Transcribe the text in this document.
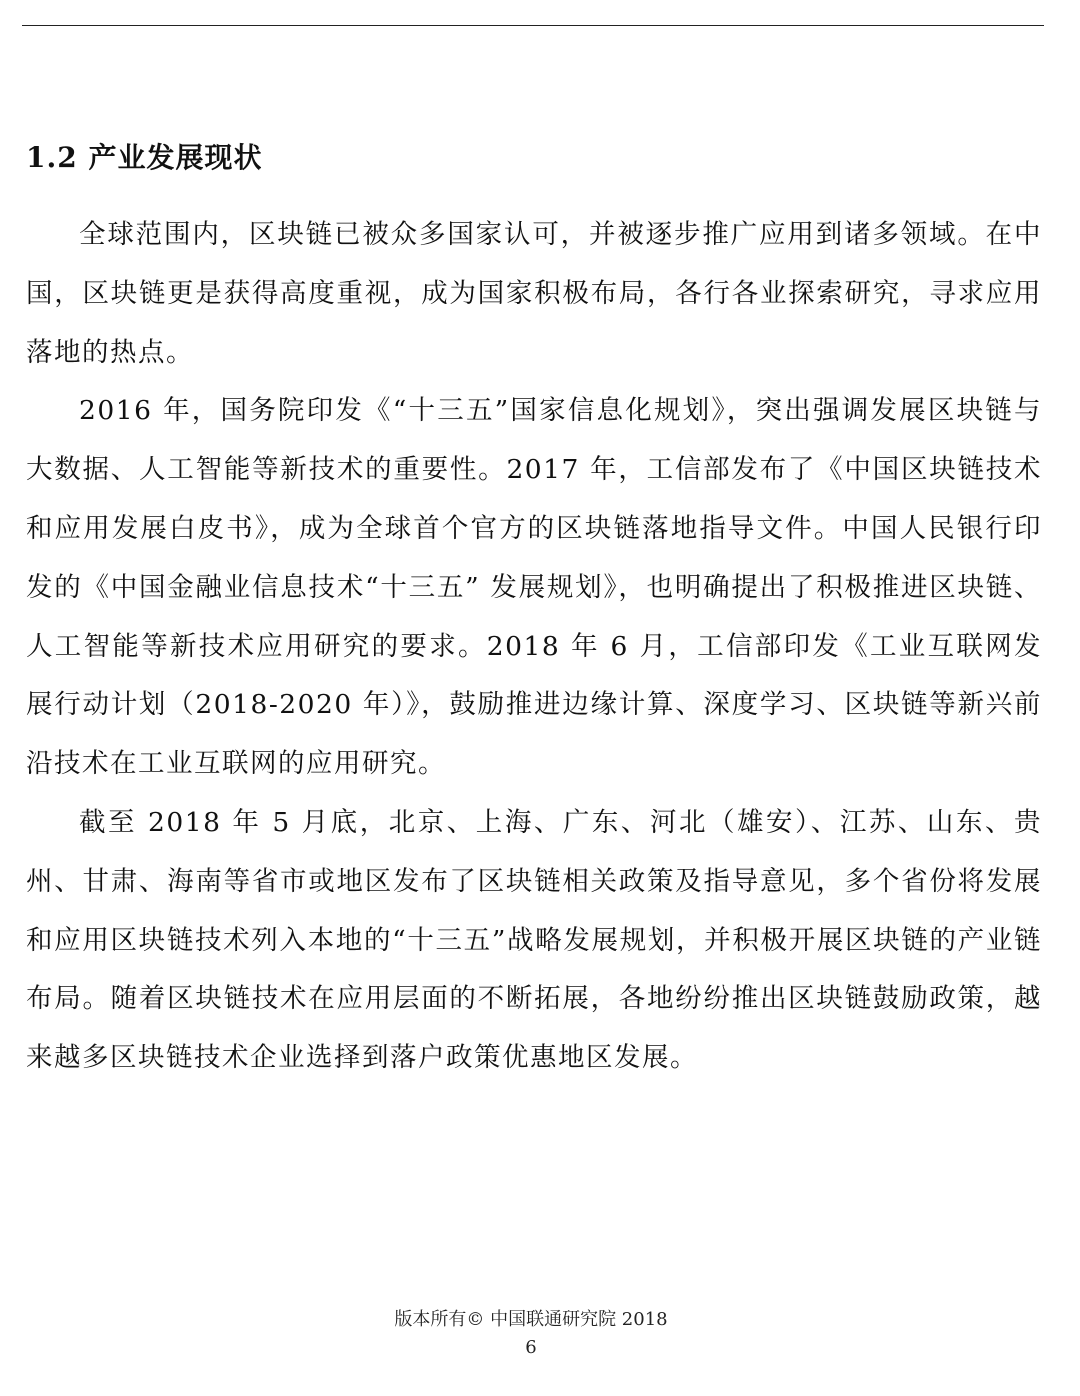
1.2 产业发展现状

全球范围内，区块链已被众多国家认可，并被逐步推广应用到诸多领域。在中国，区块链更是获得高度重视，成为国家积极布局，各行各业探索研究，寻求应用落地的热点。

2016 年，国务院印发《“十三五”国家信息化规划》，突出强调发展区块链与大数据、人工智能等新技术的重要性。2017 年，工信部发布了《中国区块链技术和应用发展白皮书》，成为全球首个官方的区块链落地指导文件。中国人民银行印发的《中国金融业信息技术“十三五” 发展规划》，也明确提出了积极推进区块链、人工智能等新技术应用研究的要求。2018 年 6 月，工信部印发《工业互联网发展行动计划（2018-2020 年）》，鼓励推进边缘计算、深度学习、区块链等新兴前沿技术在工业互联网的应用研究。

截至 2018 年 5 月底，北京、上海、广东、河北（雄安）、江苏、山东、贵州、甘肃、海南等省市或地区发布了区块链相关政策及指导意见，多个省份将发展和应用区块链技术列入本地的“十三五”战略发展规划，并积极开展区块链的产业链布局。随着区块链技术在应用层面的不断拓展，各地纷纷推出区块链鼓励政策，越来越多区块链技术企业选择到落户政策优惠地区发展。

版本所有© 中国联通研究院 2018
6
